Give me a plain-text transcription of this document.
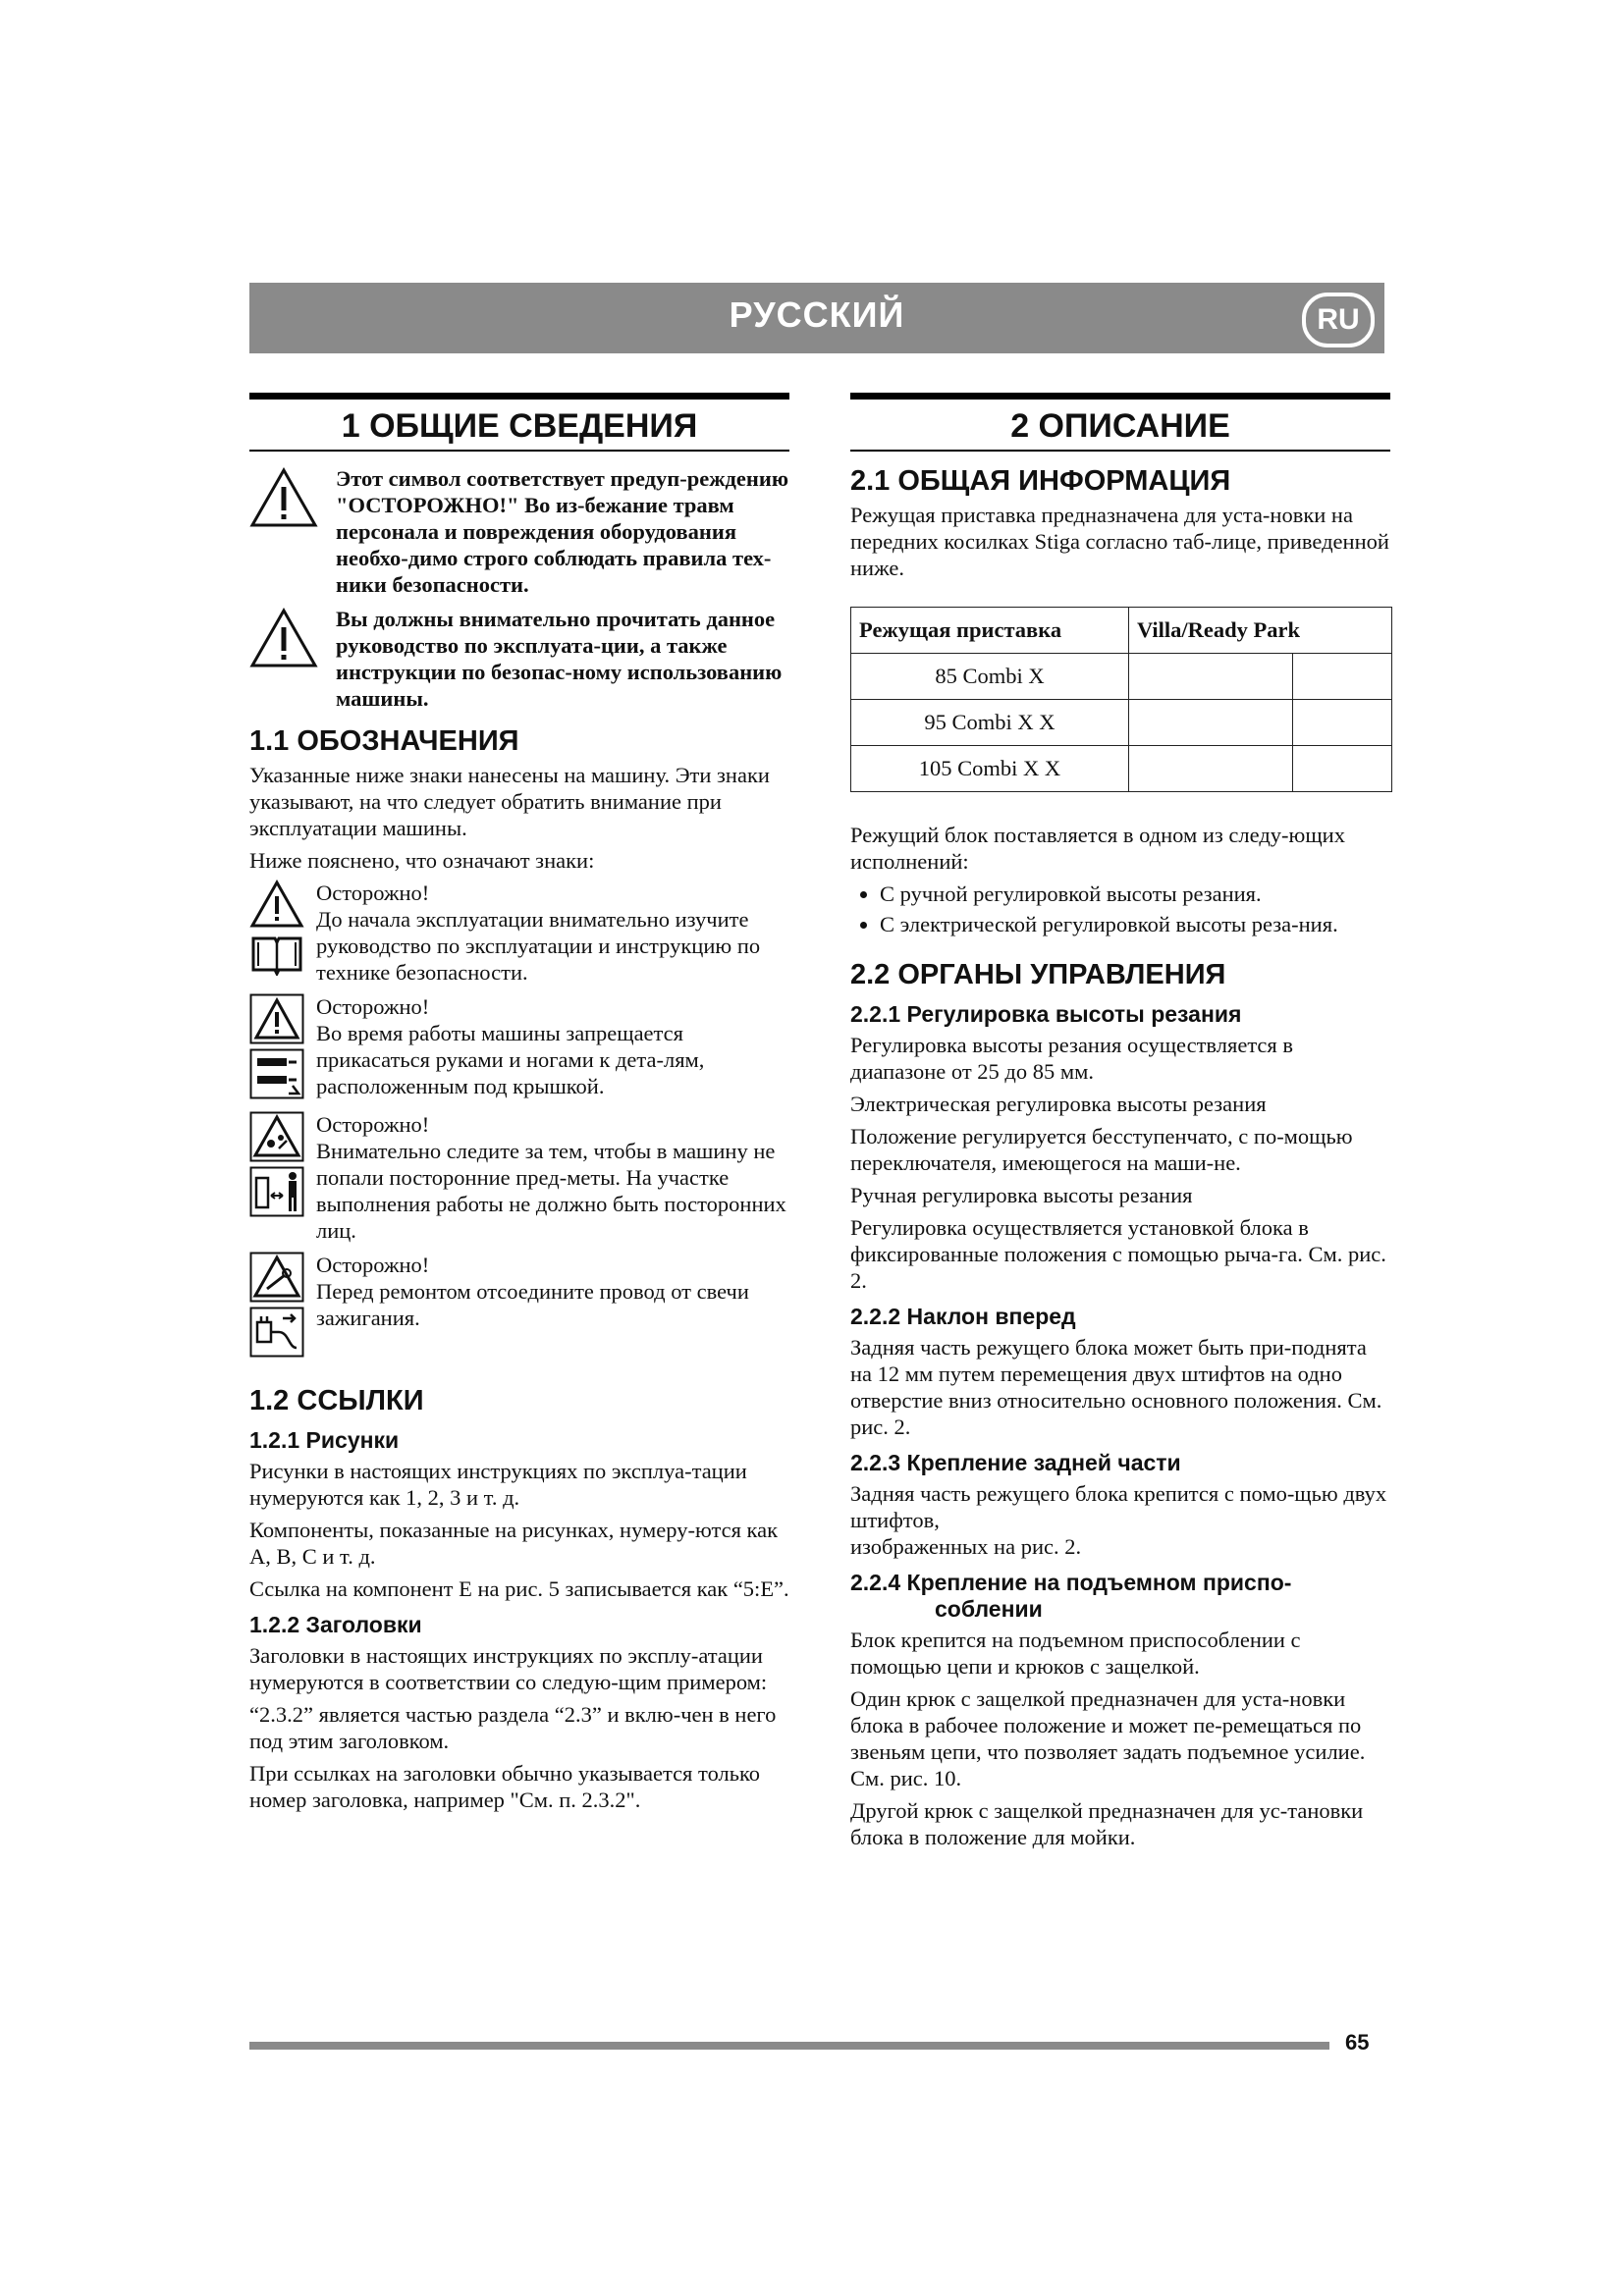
РУССКИЙ	RU
1 ОБЩИЕ СВЕДЕНИЯ
Этот символ соответствует предуп-реждению "ОСТОРОЖНО!" Во из-бежание травм персонала и повреждения оборудования необхо-димо строго соблюдать правила тех-ники безопасности.
Вы должны внимательно прочитать данное руководство по эксплуата-ции, а также инструкции по безопас-ному использованию машины.
1.1 ОБОЗНАЧЕНИЯ

Указанные ниже знаки нанесены на машину. Эти знаки указывают, на что следует обратить внимание при эксплуатации машины.

Ниже пояснено, что означают знаки:

Осторожно!

До начала эксплуатации внимательно изучите руководство по эксплуатации и инструкцию по технике безопасности.

Осторожно!

Во время работы машины запрещается прикасаться руками и ногами к дета-лям, расположенным под крышкой.

Осторожно!

Внимательно следите за тем, чтобы в машину не попали посторонние пред-меты. На участке выполнения работы не должно быть посторонних лиц.

Осторожно!

Перед ремонтом отсоедините провод от свечи зажигания.

1.2 ССЫЛКИ
1.2.1 Рисунки

Рисунки в настоящих инструкциях по эксплуа-тации нумеруются как 1, 2, 3 и т. д.

Компоненты, показанные на рисунках, нумеру-ются как A, B, C и т. д.

Ссылка на компонент E на рис. 5 записывается как “5:E”.

1.2.2 Заголовки

Заголовки в настоящих инструкциях по эксплу-атации нумеруются в соответствии со следую-щим примером:

“2.3.2” является частью раздела “2.3” и вклю-чен в него под этим заголовком.

При ссылках на заголовки обычно указывается только номер заголовка, например "См. п. 2.3.2".

2 ОПИСАНИЕ
2.1 ОБЩАЯ ИНФОРМАЦИЯ

Режущая приставка предназначена для уста-новки на передних косилках Stiga согласно таб-лице, приведенной ниже.

Режущая приставка	Villa/Ready Park	
85 Combi X		
95 Combi X X		
105 Combi X X		

Режущий блок поставляется в одном из следу-ющих исполнений:

• С ручной регулировкой высоты резания.
• С электрической регулировкой высоты реза-ния.
2.2 ОРГАНЫ УПРАВЛЕНИЯ
2.2.1 Регулировка высоты резания

Регулировка высоты резания осуществляется в диапазоне от 25 до 85 мм.

Электрическая регулировка высоты резания

Положение регулируется бесступенчато, с по-мощью переключателя, имеющегося на маши-не.

Ручная регулировка высоты резания

Регулировка осуществляется установкой блока в фиксированные положения с помощью рыча-га. См. рис. 2.

2.2.2 Наклон вперед

Задняя часть режущего блока может быть при-поднята на 12 мм путем перемещения двух штифтов на одно отверстие вниз относительно основного положения. См. рис. 2.

2.2.3 Крепление задней части

Задняя часть режущего блока крепится с помо-щью двух штифтов,

изображенных на рис. 2.

2.2.4 Крепление на подъемном приспо-соблении

Блок крепится на подъемном приспособлении с помощью цепи и крюков с защелкой.

Один крюк с защелкой предназначен для уста-новки блока в рабочее положение и может пе-ремещаться по звеньям цепи, что позволяет задать подъемное усилие. См. рис. 10.

Другой крюк с защелкой предназначен для ус-тановки блока в положение для мойки.

65
